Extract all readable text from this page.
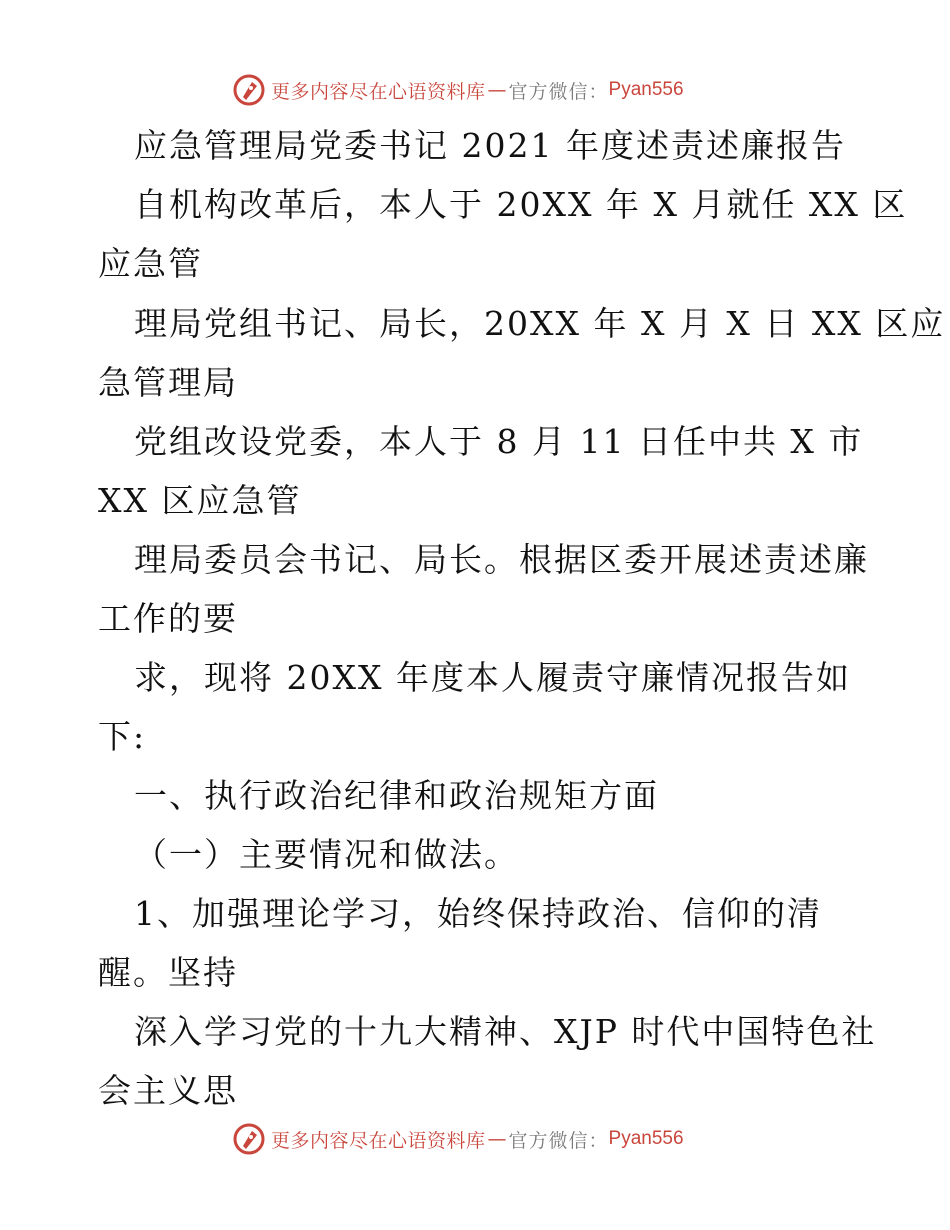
更多内容尽在心语资料库 — 官方微信： Pyan556
应急管理局党委书记 2021 年度述责述廉报告
自机构改革后，本人于 20XX 年 X 月就任 XX 区
应急管
理局党组书记、局长，20XX 年 X 月 X 日 XX 区应
急管理局
党组改设党委，本人于 8 月 11 日任中共 X 市
XX 区应急管
理局委员会书记、局长。根据区委开展述责述廉
工作的要
求，现将 20XX 年度本人履责守廉情况报告如
下:
一、执行政治纪律和政治规矩方面
（一）主要情况和做法。
1、加强理论学习，始终保持政治、信仰的清
醒。坚持
深入学习党的十九大精神、XJP 时代中国特色社
会主义思
更多内容尽在心语资料库 — 官方微信： Pyan556
